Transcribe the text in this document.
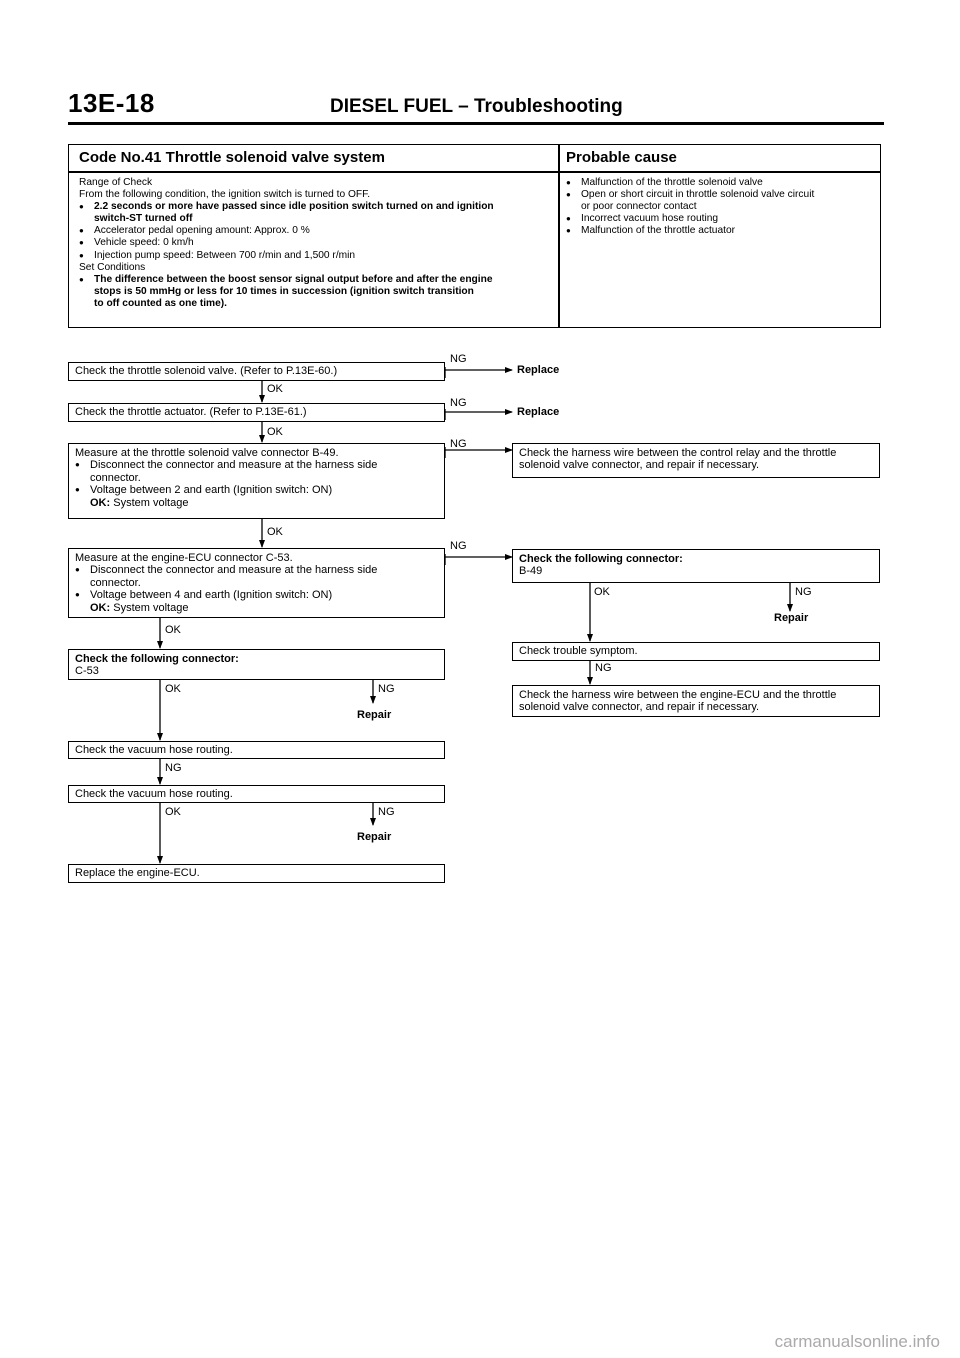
13E-18	DIESEL FUEL – Troubleshooting
Code No.41 Throttle solenoid valve system	Probable cause
Range of Check
From the following condition, the ignition switch is turned to OFF.
● 2.2 seconds or more have passed since idle position switch turned on and ignition
switch-ST turned off
● Accelerator pedal opening amount: Approx. 0 %
● Vehicle speed: 0 km/h
● Injection pump speed: Between 700 r/min and 1,500 r/min
Set Conditions
● The difference between the boost sensor signal output before and after the engine
stops is 50 mmHg or less for 10 times in succession (ignition switch transition
to off counted as one time).
● Malfunction of the throttle solenoid valve
● Open or short circuit in throttle solenoid valve circuit
or poor connector contact
● Incorrect vacuum hose routing
● Malfunction of the throttle actuator
Check the throttle solenoid valve. (Refer to P.13E-60.)
Check the throttle actuator. (Refer to P.13E-61.)
Measure at the throttle solenoid valve connector B-49.
● Disconnect the connector and measure at the harness side
connector.
● Voltage between 2 and earth (Ignition switch: ON)
OK: System voltage
Check the harness wire between the control relay and the throttle
solenoid valve connector, and repair if necessary.
Measure at the engine-ECU connector C-53.
● Disconnect the connector and measure at the harness side
connector.
● Voltage between 4 and earth (Ignition switch: ON)
OK: System voltage
Check the following connector:
B-49
Check trouble symptom.
Check the harness wire between the engine-ECU and the throttle
solenoid valve connector, and repair if necessary.
Check the following connector:
C-53
Check the vacuum hose routing.
Check the vacuum hose routing.
Replace the engine-ECU.
OK
OK
OK
OK
OK
OK
OK
NG
NG
NG
NG
NG
NG
NG
NG
NG
Replace
Replace
Repair
Repair
Repair
carmanualsonline.info
